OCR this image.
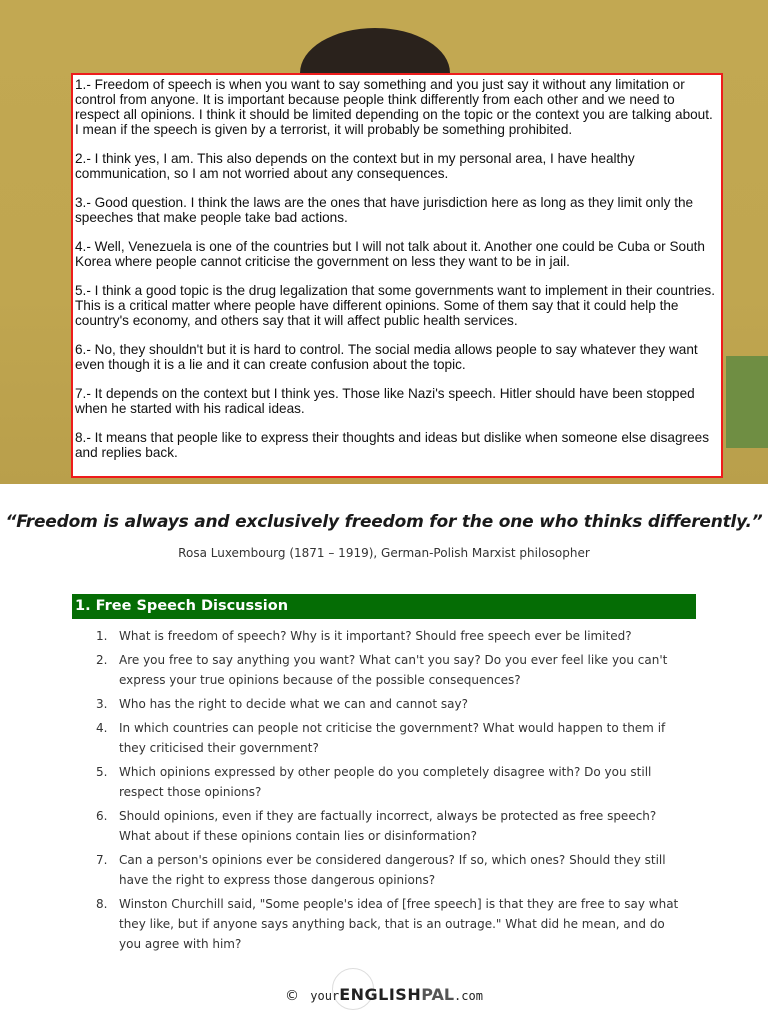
1.- Freedom of speech is when you want to say something and you just say it without any limitation or control from anyone. It is important because people think differently from each other and we need to respect all opinions. I think it should be limited depending on the topic or the context you are talking about. I mean if the speech is given by a terrorist, it will probably be something prohibited.

2.- I think yes, I am. This also depends on the context but in my personal area, I have healthy communication, so I am not worried about any consequences.

3.- Good question. I think the laws are the ones that have jurisdiction here as long as they limit only the speeches that make people take bad actions.

4.- Well, Venezuela is one of the countries but I will not talk about it. Another one could be Cuba or South Korea where people cannot criticise the government on less they want to be in jail.

5.- I think a good topic is the drug legalization that some governments want to implement in their countries. This is a critical matter where people have different opinions. Some of them say that it could help the country's economy, and others say that it will affect public health services.

6.- No, they shouldn't but it is hard to control. The social media allows people to say whatever they want even though it is a lie and it can create confusion about the topic.

7.- It depends on the context but I think yes. Those like Nazi's speech. Hitler should have been stopped when he started with his radical ideas.

8.- It means that people like to express their thoughts and ideas but dislike when someone else disagrees and replies back.

“Freedom is always and exclusively freedom for the one who thinks differently.”
Rosa Luxembourg (1871 – 1919), German-Polish Marxist philosopher
1. Free Speech Discussion
1. What is freedom of speech? Why is it important? Should free speech ever be limited?
2. Are you free to say anything you want? What can't you say? Do you ever feel like you can't express your true opinions because of the possible consequences?
3. Who has the right to decide what we can and cannot say?
4. In which countries can people not criticise the government? What would happen to them if they criticised their government?
5. Which opinions expressed by other people do you completely disagree with? Do you still respect those opinions?
6. Should opinions, even if they are factually incorrect, always be protected as free speech? What about if these opinions contain lies or disinformation?
7. Can a person's opinions ever be considered dangerous? If so, which ones? Should they still have the right to express those dangerous opinions?
8. Winston Churchill said, "Some people's idea of [free speech] is that they are free to say what they like, but if anyone says anything back, that is an outrage." What did he mean, and do you agree with him?
© yourENGLISHPAL.com
